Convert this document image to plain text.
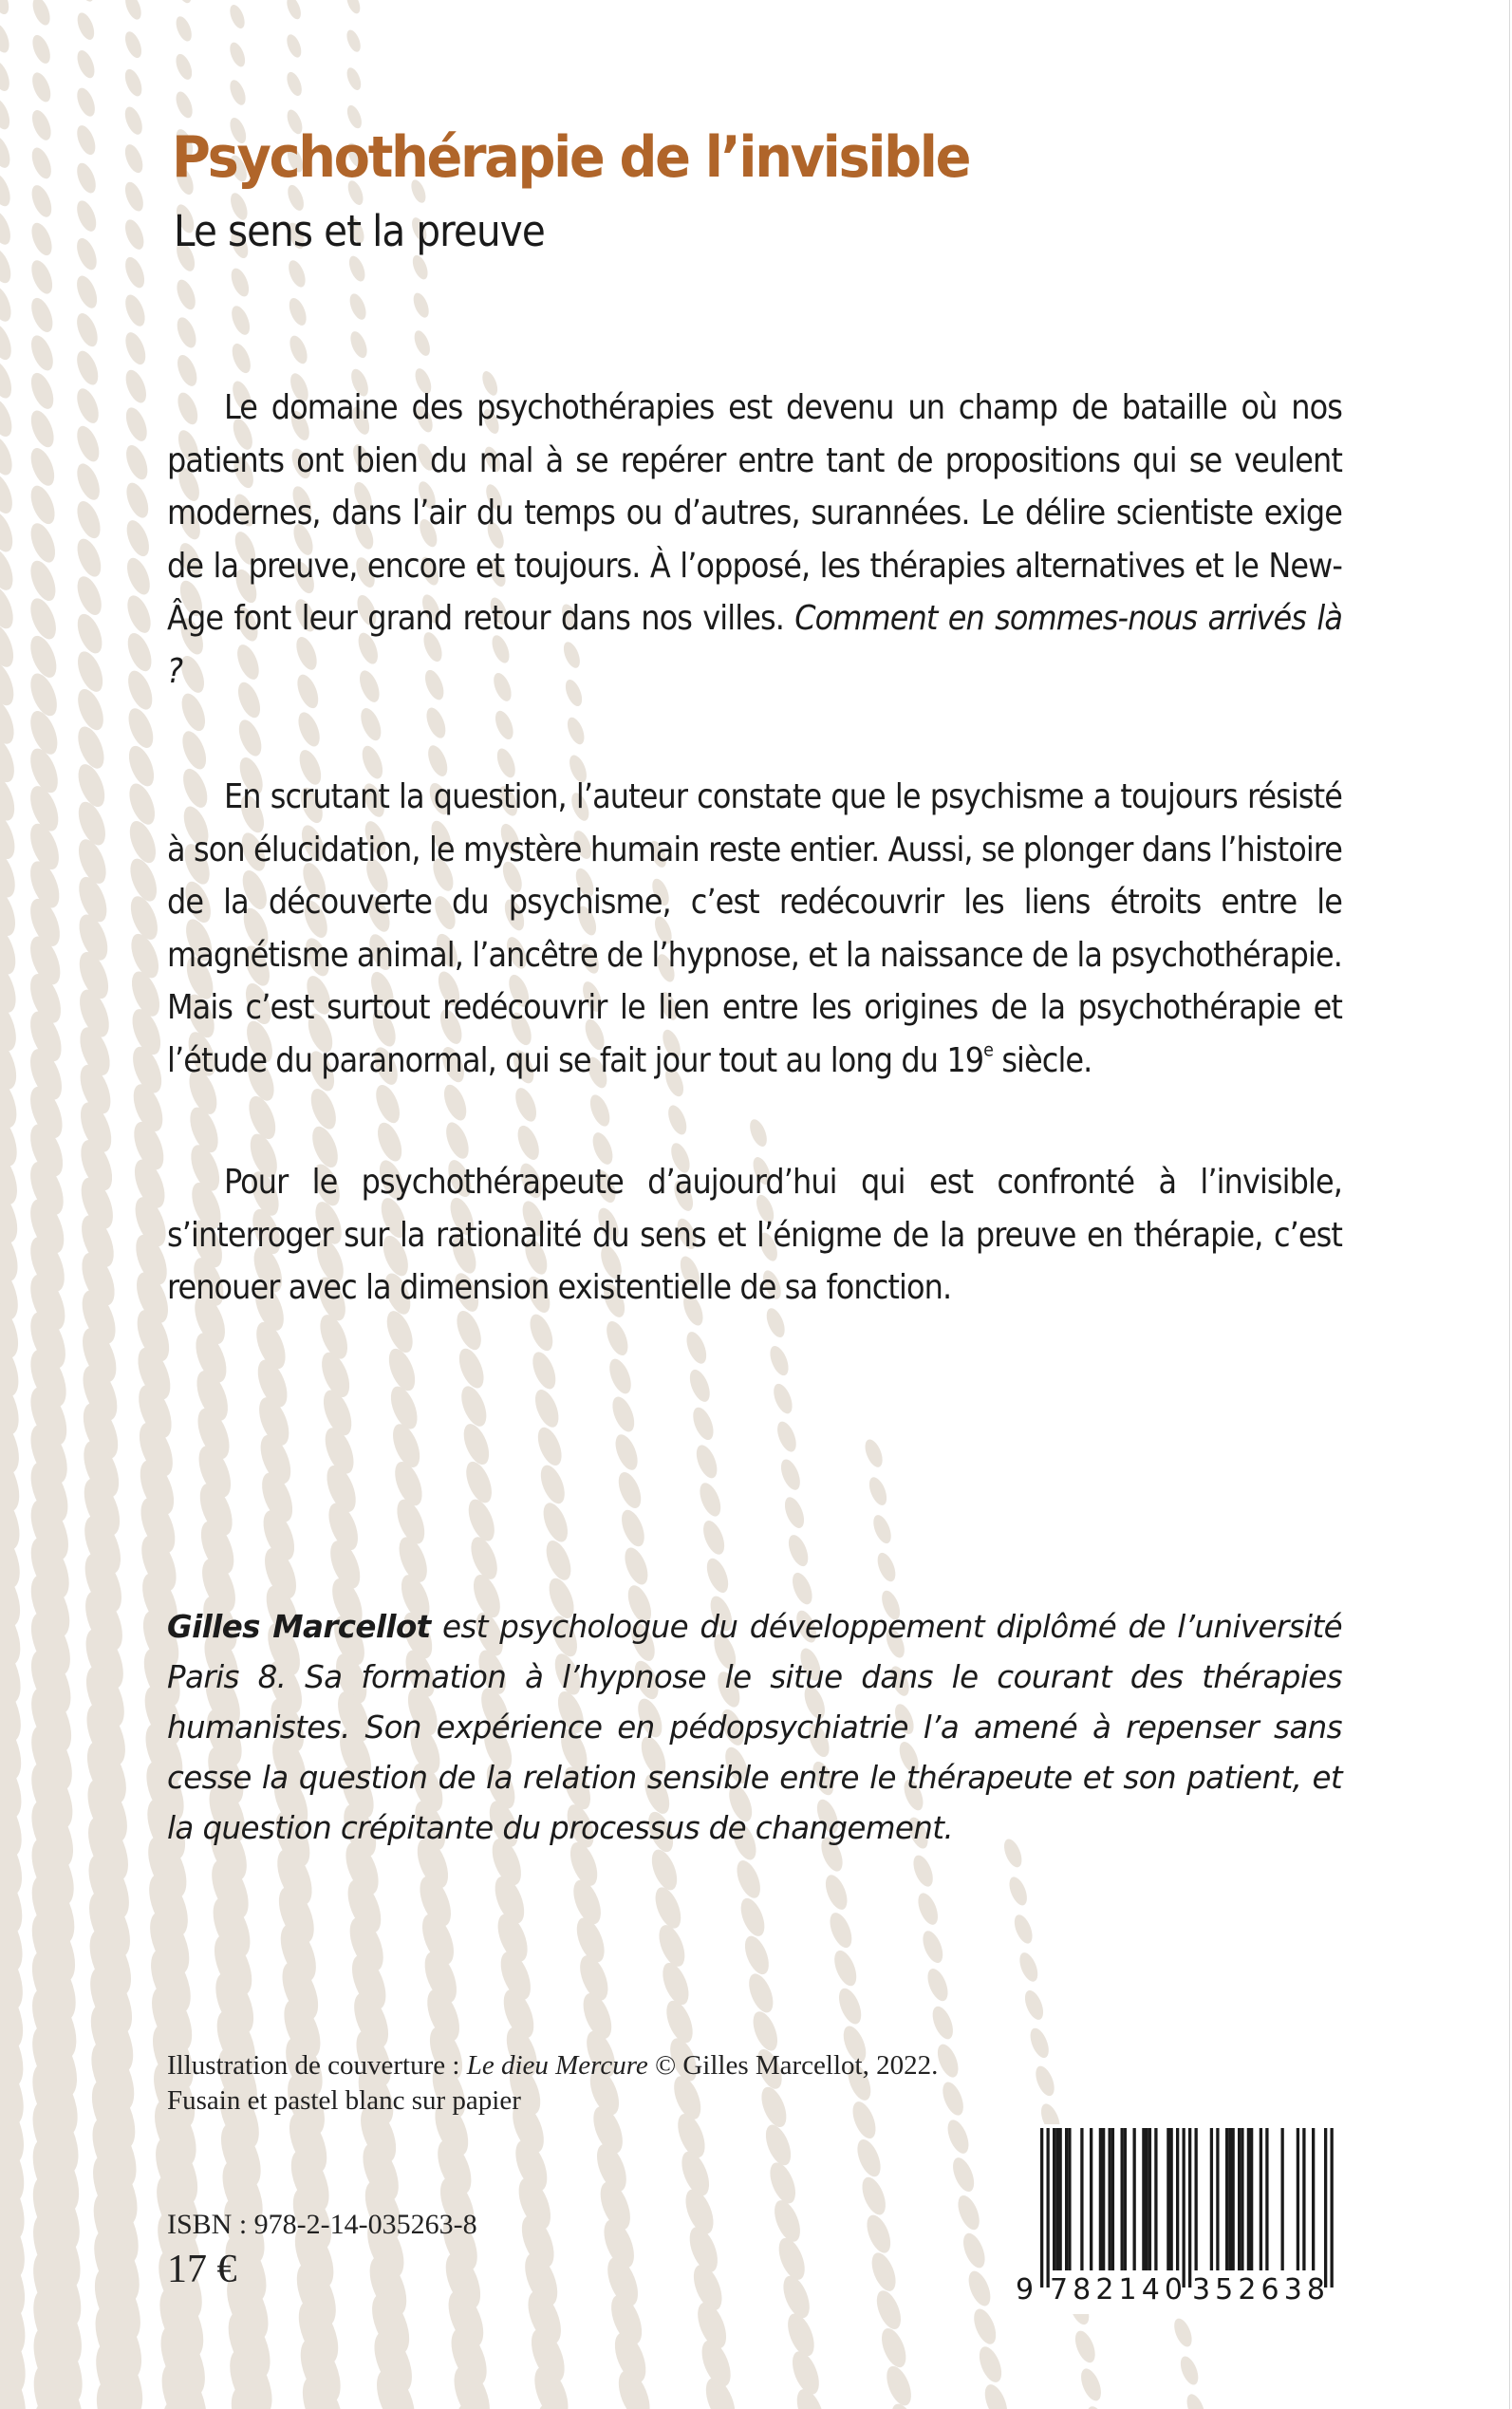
Psychothérapie de l’invisible
Le sens et la preuve

Le domaine des psychothérapies est devenu un champ de bataille où nos patients ont bien du mal à se repérer entre tant de propositions qui se veulent modernes, dans l’air du temps ou d’autres, surannées. Le délire scientiste exige de la preuve, encore et toujours. À l’opposé, les thérapies alternatives et le New-Âge font leur grand retour dans nos villes. Comment en sommes-nous arrivés là ?

En scrutant la question, l’auteur constate que le psychisme a toujours résisté à son élucidation, le mystère humain reste entier. Aussi, se plonger dans l’histoire de la découverte du psychisme, c’est redécouvrir les liens étroits entre le magnétisme animal, l’ancêtre de l’hypnose, et la naissance de la psychothérapie. Mais c’est surtout redécouvrir le lien entre les origines de la psychothérapie et l’étude du paranormal, qui se fait jour tout au long du 19e siècle.

Pour le psychothérapeute d’aujourd’hui qui est confronté à l’invisible, s’interroger sur la rationalité du sens et l’énigme de la preuve en thérapie, c’est renouer avec la dimension existentielle de sa fonction.

Gilles Marcellot est psychologue du développement diplômé de l’université Paris 8. Sa formation à l’hypnose le situe dans le courant des thérapies humanistes. Son expérience en pédopsychiatrie l’a amené à repenser sans cesse la question de la relation sensible entre le thérapeute et son patient, et la question crépitante du processus de changement.

Illustration de couverture : Le dieu Mercure © Gilles Marcellot, 2022. Fusain et pastel blanc sur papier

ISBN : 978-2-14-035263-8

17 €	9 782140 352638
